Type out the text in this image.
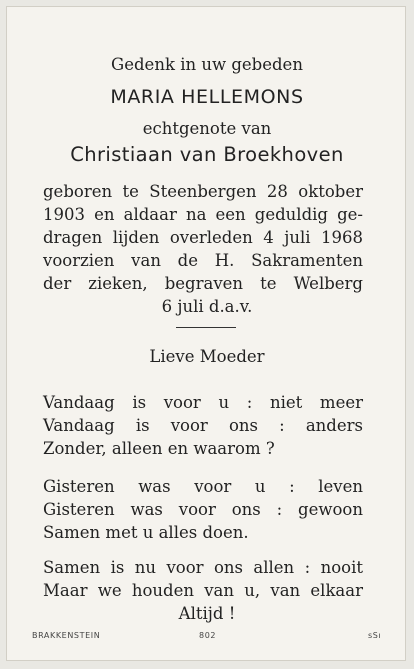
Gedenk in uw gebeden
MARIA HELLEMONS
echtgenote van
Christiaan van Broekhoven
geboren te Steenbergen 28 oktober
1903 en aldaar na een geduldig ge-
dragen lijden overleden 4 juli 1968
voorzien van de H. Sakramenten
der zieken, begraven te Welberg
6 juli d.a.v.
Lieve Moeder
Vandaag is voor u : niet meer
Vandaag is voor ons : anders
Zonder, alleen en waarom ?
Gisteren was voor u : leven
Gisteren was voor ons : gewoon
Samen met u alles doen.
Samen is nu voor ons allen : nooit
Maar we houden van u, van elkaar
Altijd !
BRAKKENSTEIN	802	sSı
